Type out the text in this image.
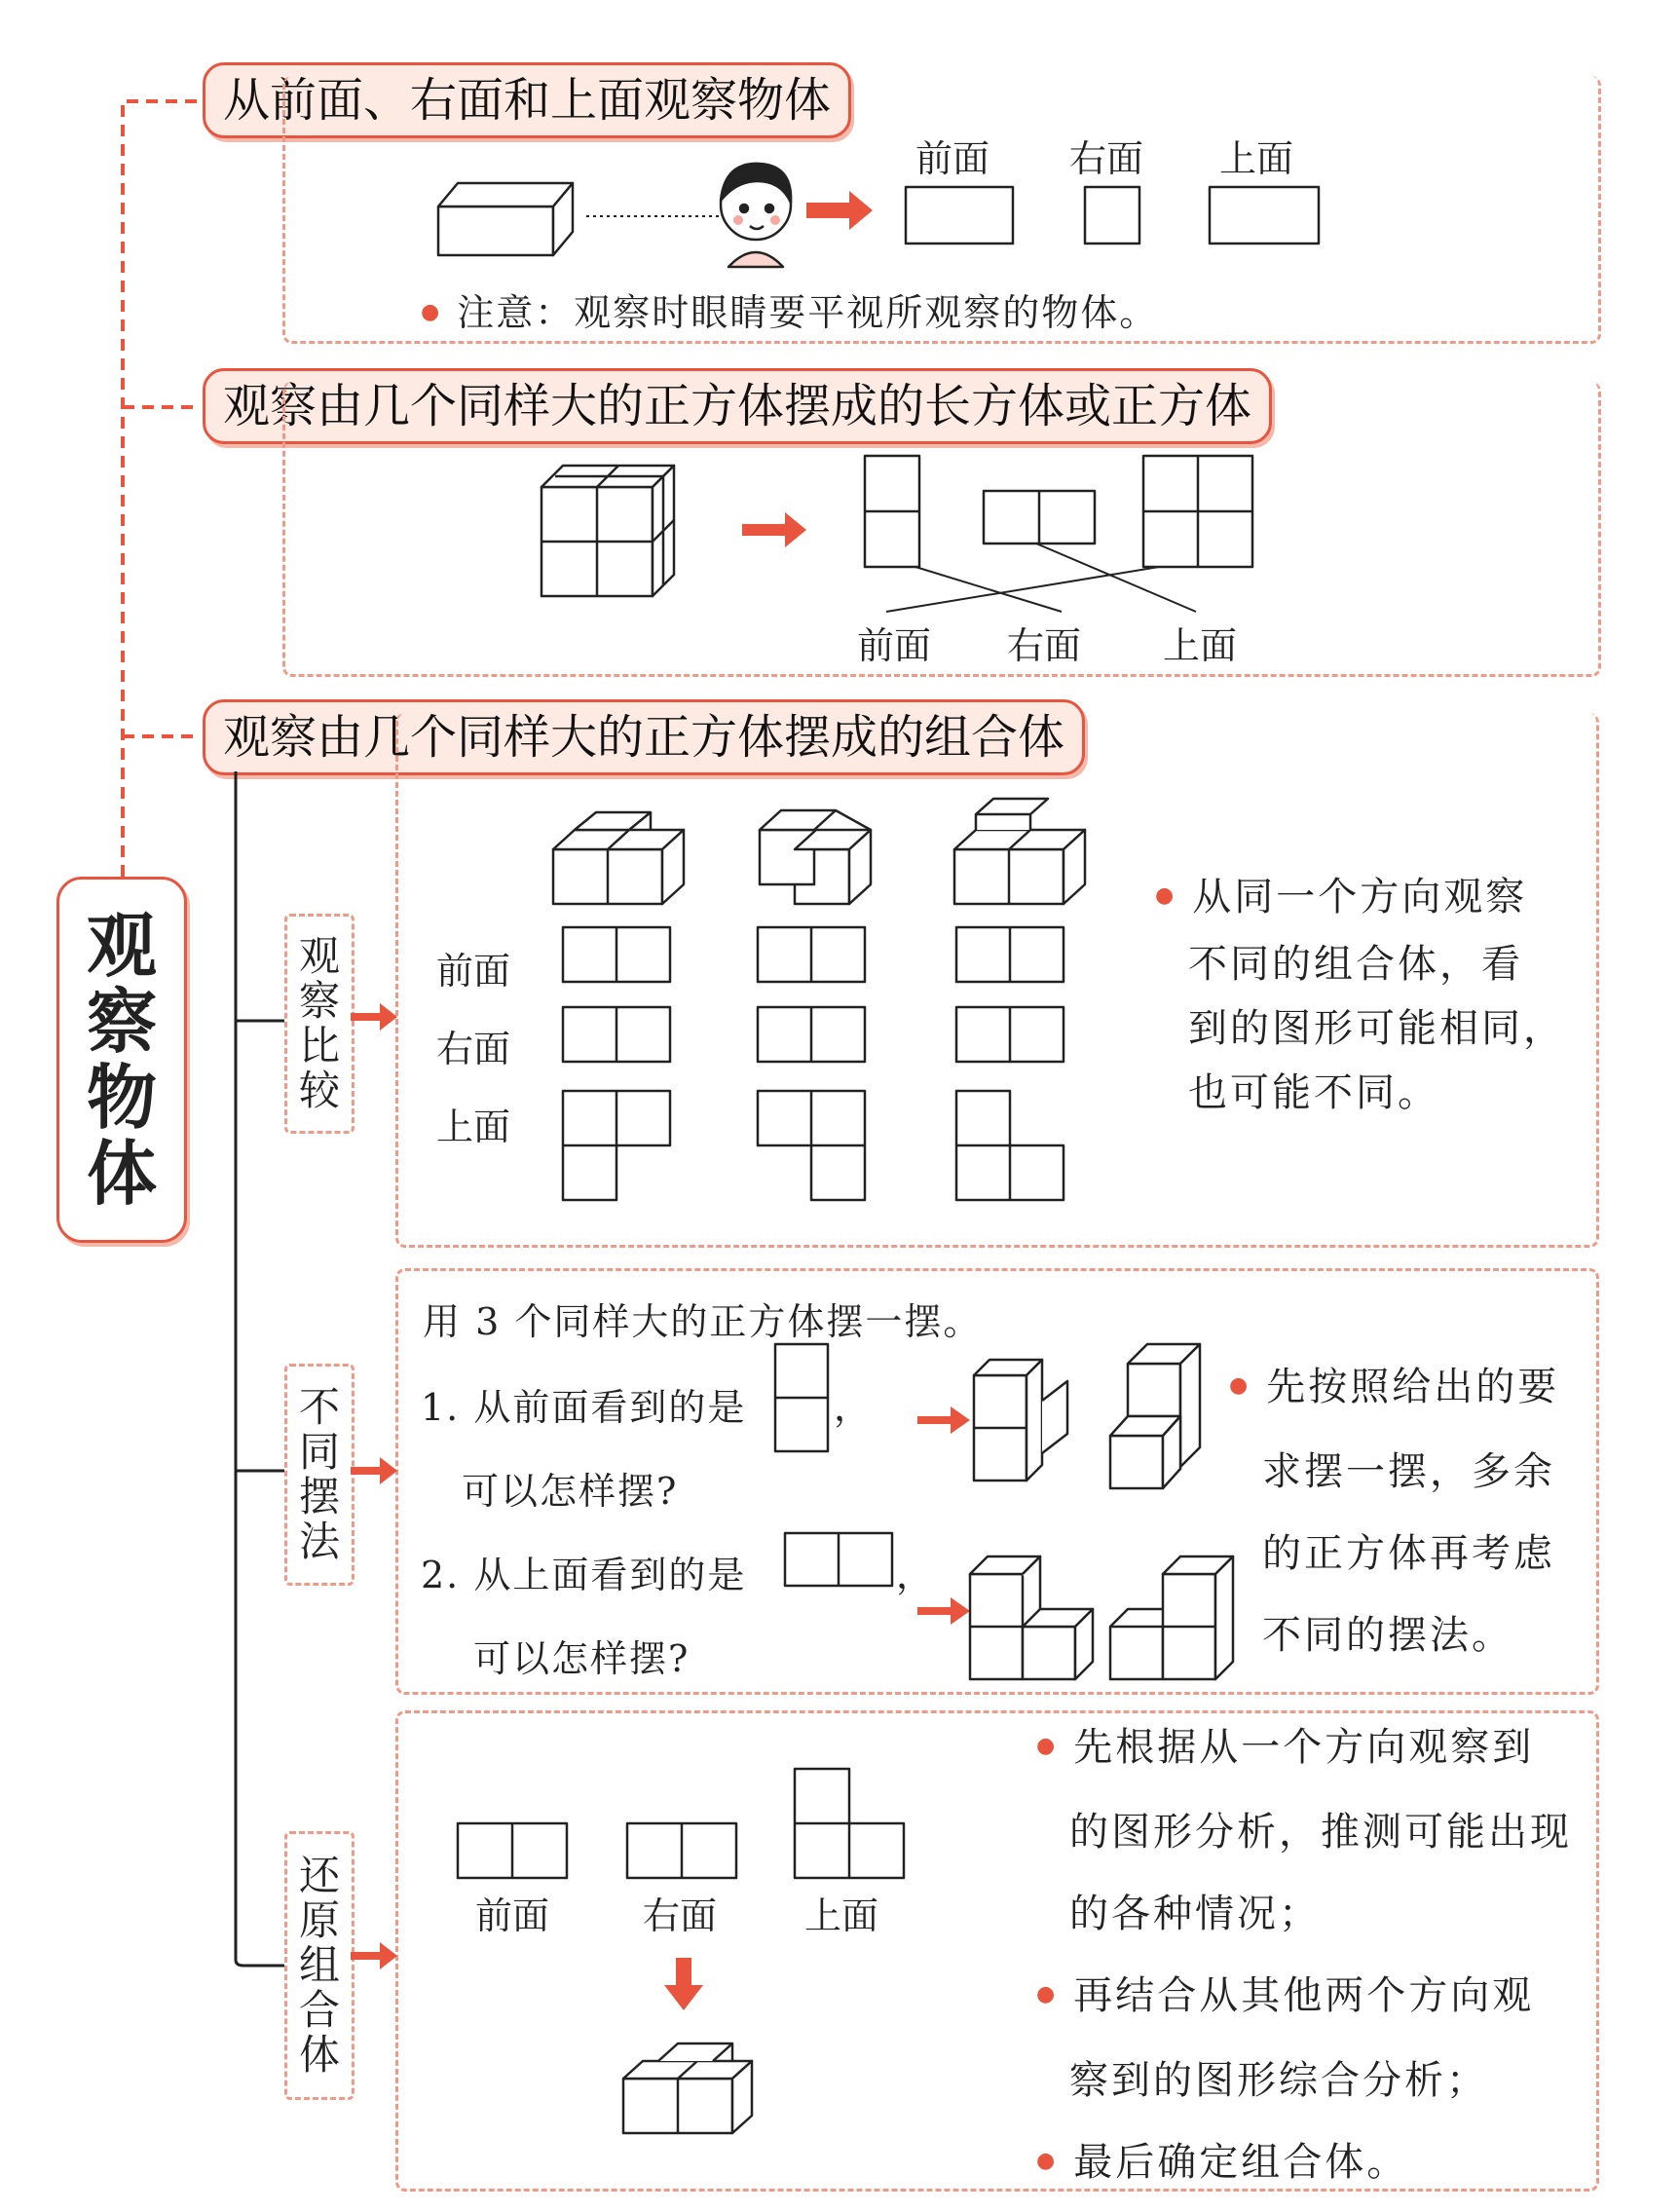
观
察
物
体
从前面、右面和上面观察物体
观察由几个同样大的正方体摆成的长方体或正方体
观察由几个同样大的正方体摆成的组合体
观
察
比
较
不
同
摆
法
还
原
组
合
体
前面 右面 上面
● 注意：观察时眼睛要平视所观察的物体。
前面 右面 上面
前面
右面
上面

● 从同一个方向观察

不同的组合体，看

到的图形可能相同，

也可能不同。

用 3 个同样大的正方体摆一摆。
1. 从前面看到的是 ，
可以怎样摆?
2. 从上面看到的是	，
可以怎样摆?

● 先按照给出的要

求摆一摆，多余

的正方体再考虑

不同的摆法。

前面	右面 上面

● 先根据从一个方向观察到

的图形分析，推测可能出现

的各种情况；

● 再结合从其他两个方向观

察到的图形综合分析；

● 最后确定组合体。
